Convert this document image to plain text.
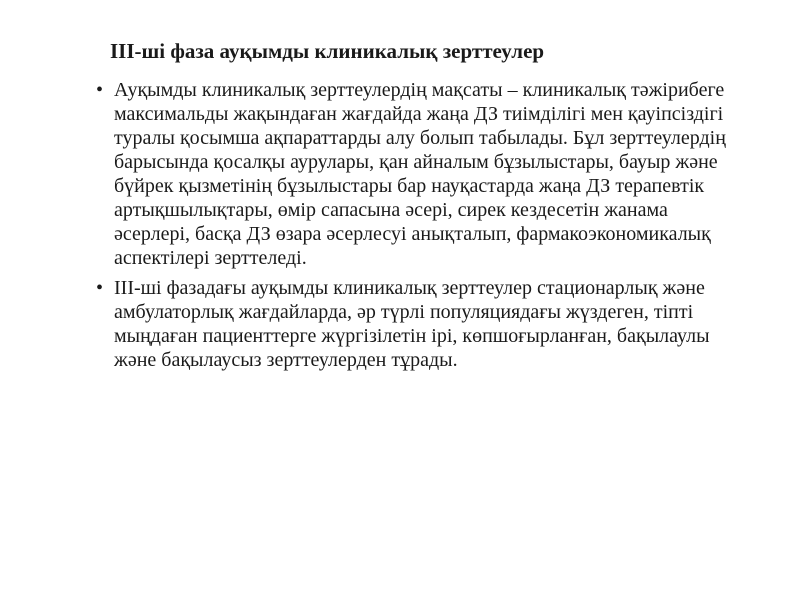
III-ші фаза ауқымды клиникалық зерттеулер
• Ауқымды клиникалық зерттеулердің мақсаты – клиникалық тәжірибеге максимальды жақындаған жағдайда жаңа ДЗ тиімділігі мен қауіпсіздігі туралы қосымша ақпараттарды алу болып табылады. Бұл зерттеулердің барысында қосалқы аурулары, қан айналым бұзылыстары, бауыр және бүйрек қызметінің бұзылыстары бар науқастарда жаңа ДЗ терапевтік артықшылықтары, өмір сапасына әсері, сирек кездесетін жанама әсерлері, басқа ДЗ өзара әсерлесуі анықталып, фармакоэкономикалық аспектілері зерттеледі.
• III-ші фазадағы ауқымды клиникалық зерттеулер стационарлық және амбулаторлық жағдайларда, әр түрлі популяциядағы жүздеген, тіпті мыңдаған пациенттерге жүргізілетін ірі, көпшоғырланған, бақылаулы және бақылаусыз зерттеулерден тұрады.
